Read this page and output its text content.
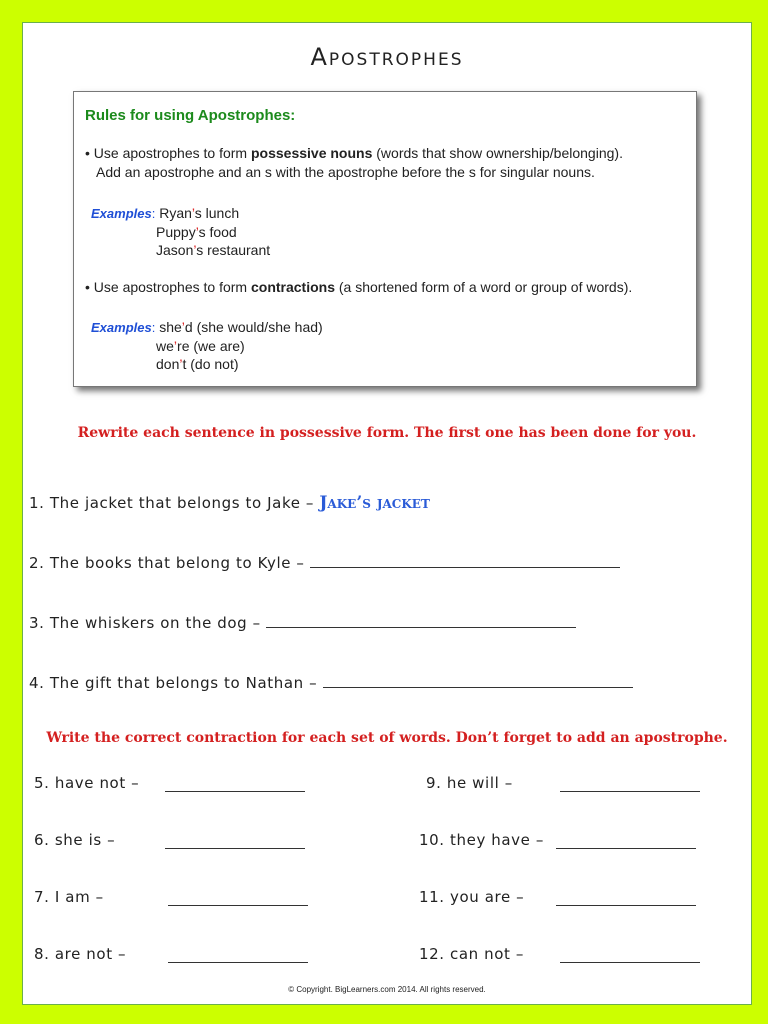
Apostrophes
Rules for using Apostrophes:
• Use apostrophes to form possessive nouns (words that show ownership/belonging).
Add an apostrophe and an s with the apostrophe before the s for singular nouns.
Examples: Ryan’s lunch
Puppy’s food
Jason’s restaurant
• Use apostrophes to form contractions (a shortened form of a word or group of words).
Examples: she’d (she would/she had)
we’re (we are)
don’t (do not)
Rewrite each sentence in possessive form. The first one has been done for you.
1. The jacket that belongs to Jake – Jake’s jacket
2. The books that belong to Kyle –
3. The whiskers on the dog –
4. The gift that belongs to Nathan –
Write the correct contraction for each set of words. Don’t forget to add an apostrophe.
5. have not –
6. she is –
7. I am –
8. are not –
9. he will –
10. they have –
11. you are –
12. can not –
© Copyright. BigLearners.com 2014. All rights reserved.
